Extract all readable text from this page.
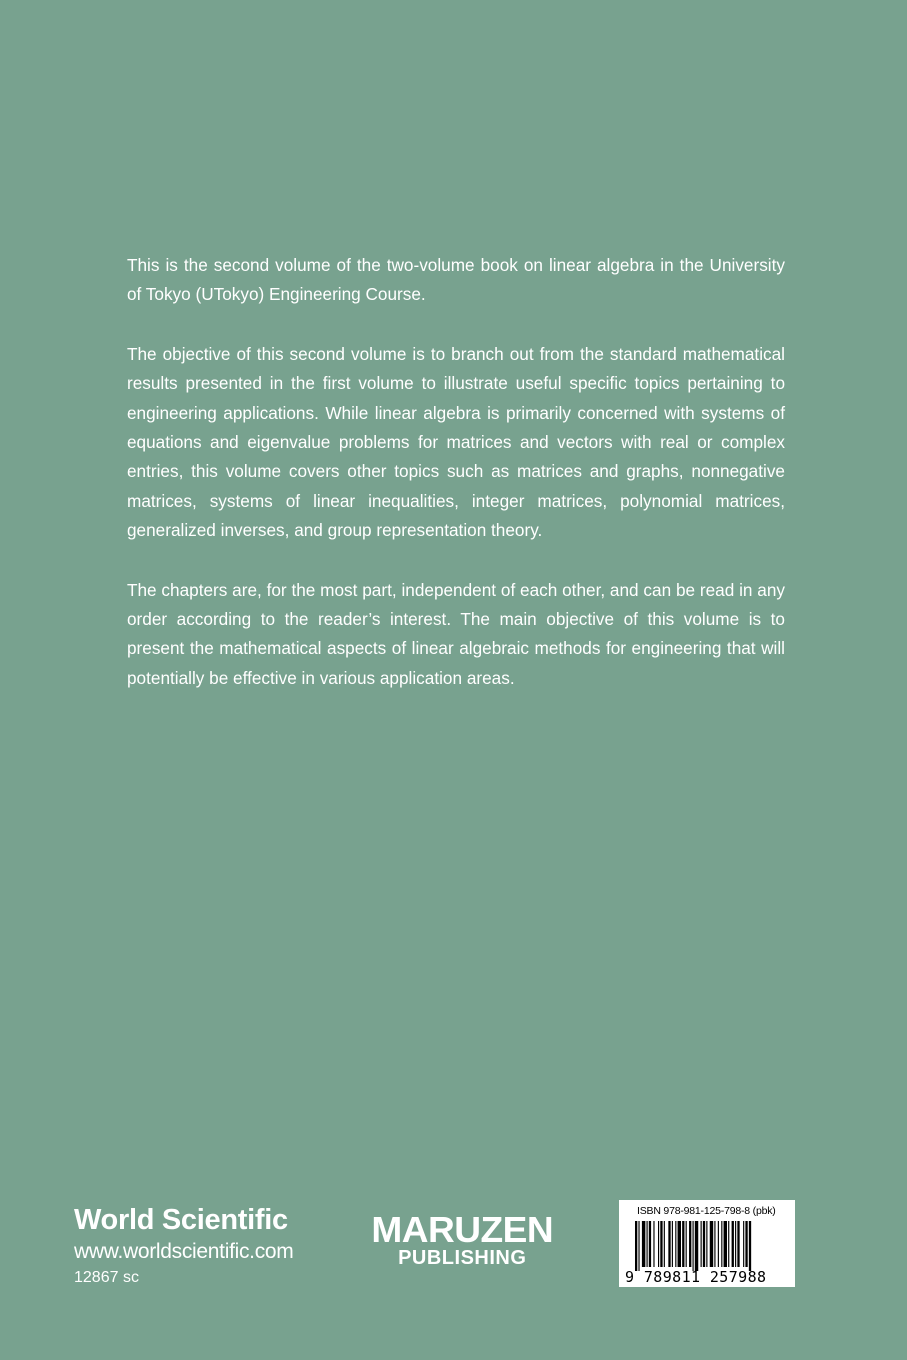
This is the second volume of the two-volume book on linear algebra in the University of Tokyo (UTokyo) Engineering Course.

The objective of this second volume is to branch out from the standard mathematical results presented in the first volume to illustrate useful specific topics pertaining to engineering applications. While linear algebra is primarily concerned with systems of equations and eigenvalue problems for matrices and vectors with real or complex entries, this volume covers other topics such as matrices and graphs, nonnegative matrices, systems of linear inequalities, integer matrices, polynomial matrices, generalized inverses, and group representation theory.

The chapters are, for the most part, independent of each other, and can be read in any order according to the reader’s interest. The main objective of this volume is to present the mathematical aspects of linear algebraic methods for engineering that will potentially be effective in various application areas.

World Scientific
www.worldscientific.com
12867 sc
MARUZEN
PUBLISHING
ISBN 978-981-125-798-8 (pbk)
9 789811 257988
